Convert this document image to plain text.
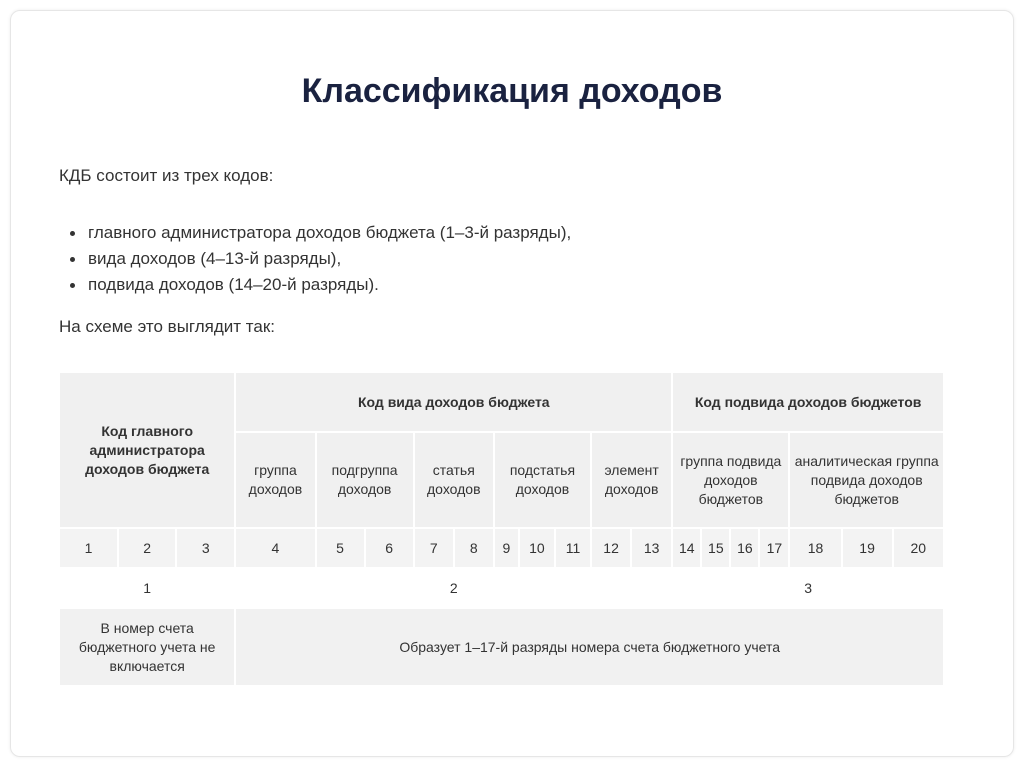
Классификация доходов
КДБ состоит из трех кодов:
главного администратора доходов бюджета (1–3-й разряды),
вида доходов (4–13-й разряды),
подвида доходов (14–20-й разряды).
На схеме это выглядит так:
Код главного администратора доходов бюджета			Код вида доходов бюджета										Код подвида доходов бюджетов						
			группа доходов	подгруппа доходов		статья доходов		подстатья доходов			элемент доходов		группа подвида доходов бюджетов				аналитическая группа подвида доходов бюджетов		
1	2	3	4	5	6	7	8	9	10	11	12	13	14	15	16	17	18	19	20
1			2										3						
В номер счета бюджетного учета не включается			Образует 1–17-й разряды номера счета бюджетного учета																
